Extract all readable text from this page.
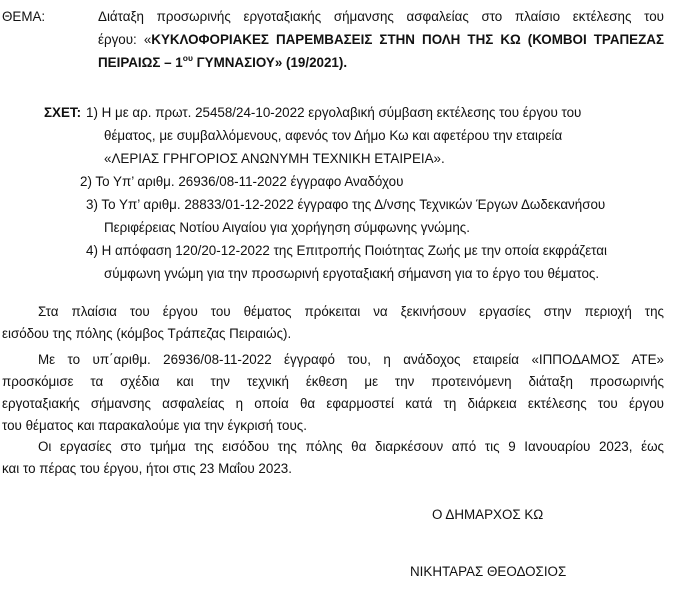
ΘΕΜΑ:	Διάταξη προσωρινής εργοταξιακής σήμανσης ασφαλείας στο πλαίσιο εκτέλεσης του
έργου: «ΚΥΚΛΟΦΟΡΙΑΚΕΣ ΠΑΡΕΜΒΑΣΕΙΣ ΣΤΗΝ ΠΟΛΗ ΤΗΣ ΚΩ (ΚΟΜΒΟΙ ΤΡΑΠΕΖΑΣ
ΠΕΙΡΑΙΩΣ – $1^{o\upsilon}$ ΓΥΜΝΑΣΙΟΥ» (19/2021).
ΣΧΕΤ: 1) Η με αρ. πρωτ. 25458/24-10-2022 εργολαβική σύμβαση εκτέλεσης του έργου του
θέματος, με συμβαλλόμενους, αφενός τον Δήμο Κω και αφετέρου την εταιρεία
«ΛΕΡΙΑΣ ΓΡΗΓΟΡΙΟΣ ΑΝΩΝΥΜΗ ΤΕΧΝΙΚΗ ΕΤΑΙΡΕΙΑ».
2) Το Υπ’ αριθμ. 26936/08-11-2022 έγγραφο Αναδόχου
3) Το Υπ’ αριθμ. 28833/01-12-2022 έγγραφο της Δ/νσης Τεχνικών Έργων Δωδεκανήσου
Περιφέρειας Νοτίου Αιγαίου για χορήγηση σύμφωνης γνώμης.
4) Η απόφαση 120/20-12-2022 της Επιτροπής Ποιότητας Ζωής με την οποία εκφράζεται
σύμφωνη γνώμη για την προσωρινή εργοταξιακή σήμανση για το έργο του θέματος.
Στα πλαίσια του έργου του θέματος πρόκειται να ξεκινήσουν εργασίες στην περιοχή της
εισόδου της πόλης (κόμβος Τράπεζας Πειραιώς).
Με το υπ΄αριθμ. 26936/08-11-2022 έγγραφό του, η ανάδοχος εταιρεία «ΙΠΠΟΔΑΜΟΣ ΑΤΕ»
προσκόμισε τα σχέδια και την τεχνική έκθεση με την προτεινόμενη διάταξη προσωρινής
εργοταξιακής σήμανσης ασφαλείας η οποία θα εφαρμοστεί κατά τη διάρκεια εκτέλεσης του έργου
του θέματος και παρακαλούμε για την έγκρισή τους.
Οι εργασίες στο τμήμα της εισόδου της πόλης θα διαρκέσουν από τις 9 Ιανουαρίου 2023, έως
και το πέρας του έργου, ήτοι στις 23 Μαΐου 2023.
Ο ΔΗΜΑΡΧΟΣ ΚΩ
ΝΙΚΗΤΑΡΑΣ ΘΕΟΔΟΣΙΟΣ
